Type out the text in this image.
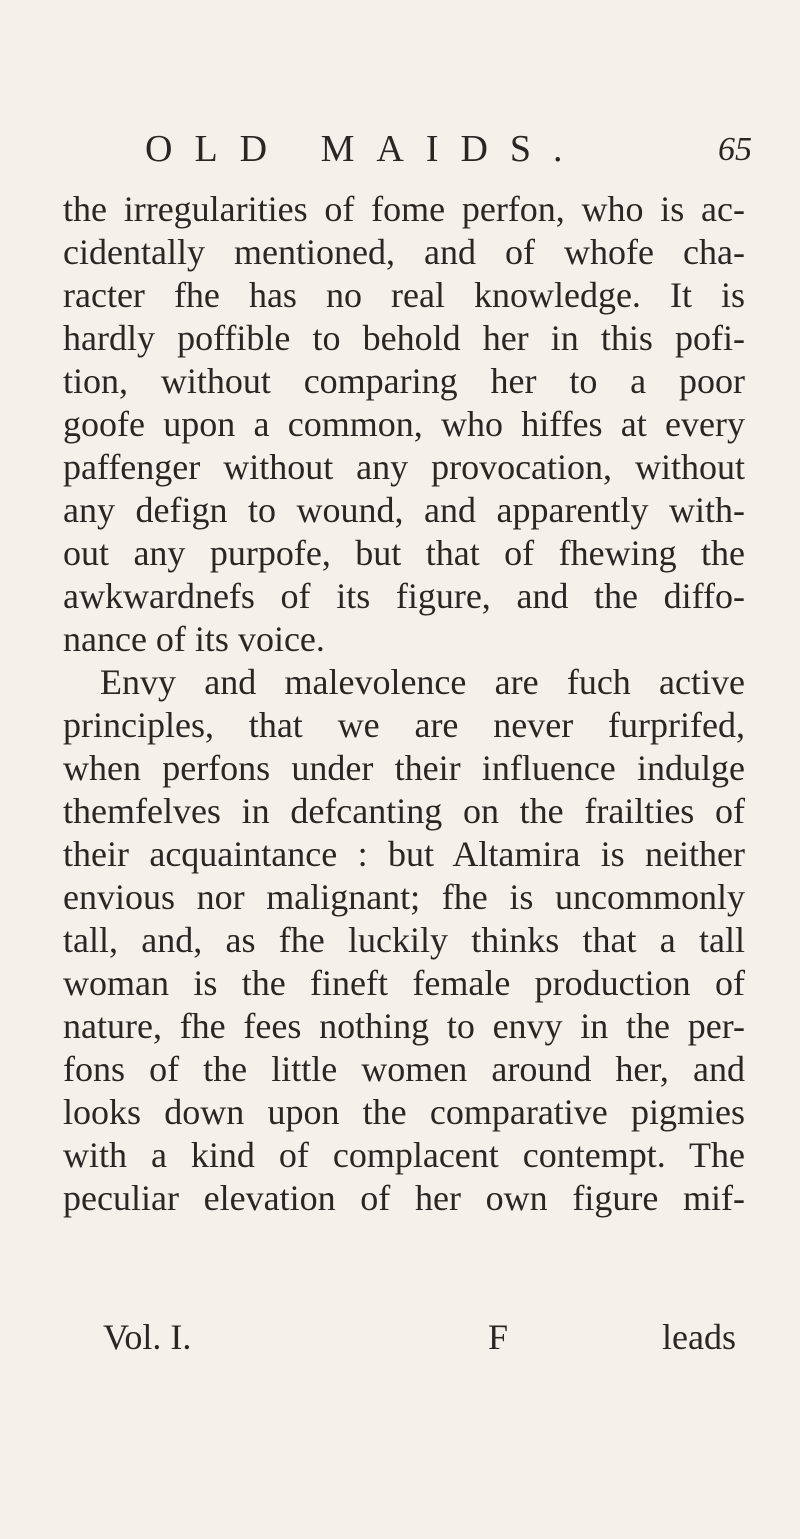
OLD MAIDS.	65
the irregularities of fome perfon, who is ac-
cidentally mentioned, and of whofe cha-
racter fhe has no real knowledge. It is
hardly poffible to behold her in this pofi-
tion, without comparing her to a poor
goofe upon a common, who hiffes at every
paffenger without any provocation, without
any defign to wound, and apparently with-
out any purpofe, but that of fhewing the
awkwardnefs of its figure, and the diffo-
nance of its voice.
Envy and malevolence are fuch active
principles, that we are never furprifed,
when perfons under their influence indulge
themfelves in defcanting on the frailties of
their acquaintance : but Altamira is neither
envious nor malignant; fhe is uncommonly
tall, and, as fhe luckily thinks that a tall
woman is the fineft female production of
nature, fhe fees nothing to envy in the per-
fons of the little women around her, and
looks down upon the comparative pigmies
with a kind of complacent contempt. The
peculiar elevation of her own figure mif-
Vol. I.	F	leads
